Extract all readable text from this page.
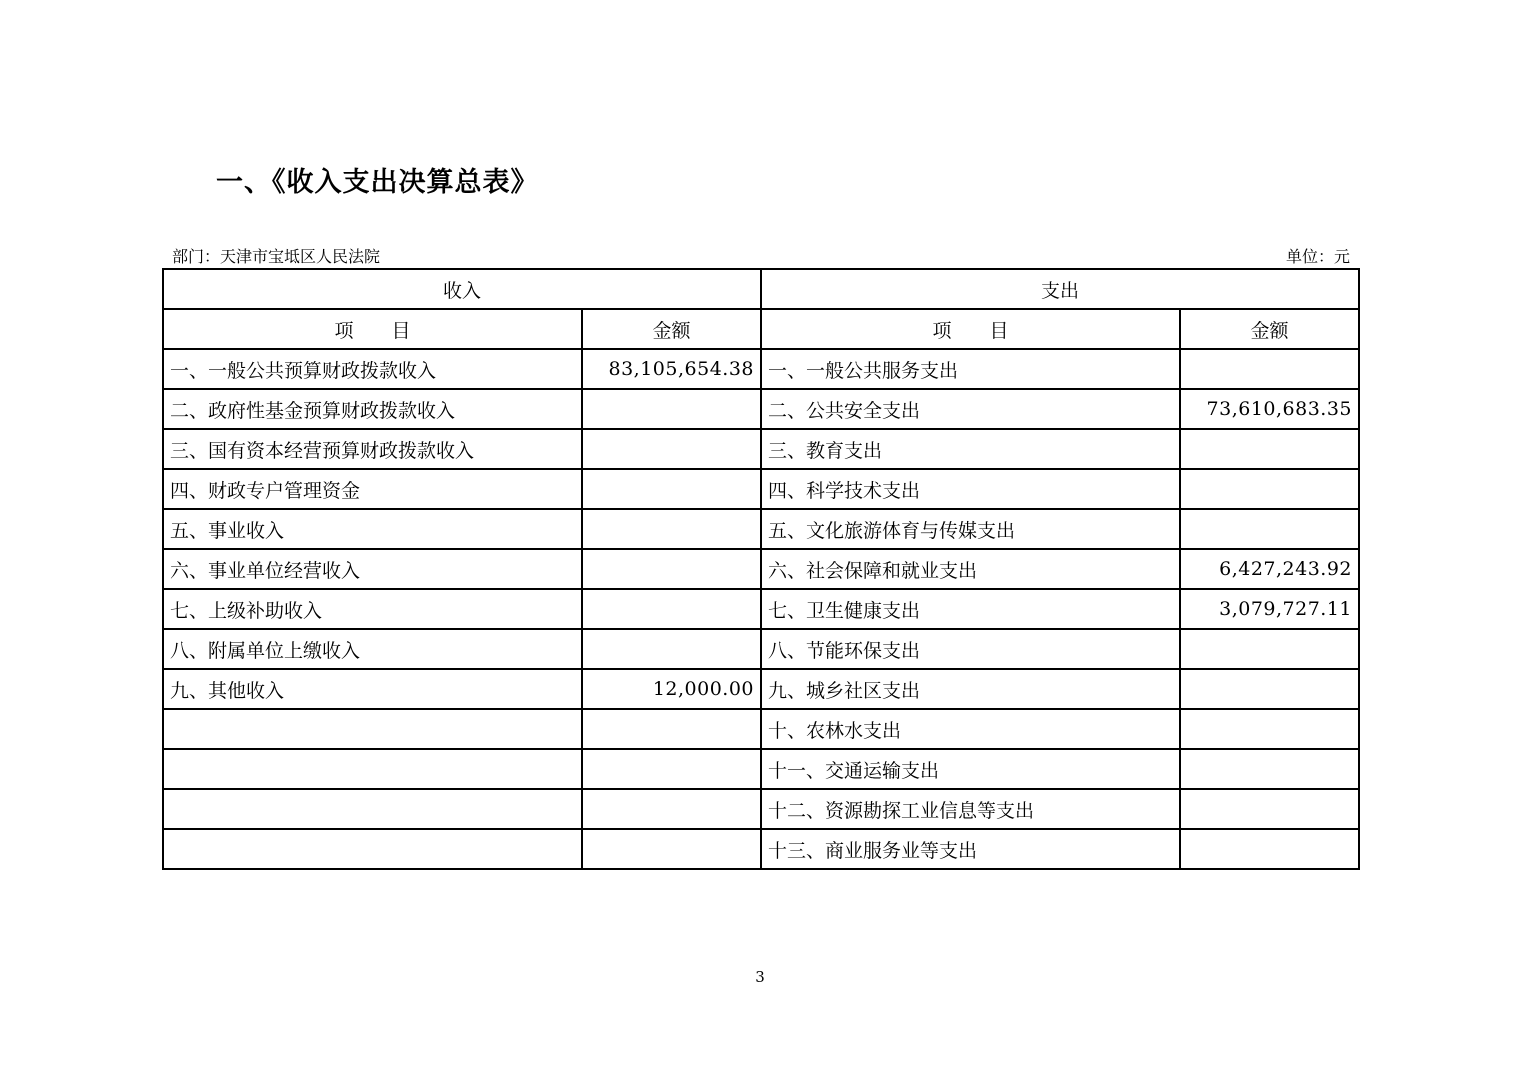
一、《收入支出决算总表》
部门：天津市宝坻区人民法院	单位：元
收入		支出	
项　　目	金额	项　　目	金额
一、一般公共预算财政拨款收入	83,105,654.38	一、一般公共服务支出	
二、政府性基金预算财政拨款收入		二、公共安全支出	73,610,683.35
三、国有资本经营预算财政拨款收入		三、教育支出	
四、财政专户管理资金		四、科学技术支出	
五、事业收入		五、文化旅游体育与传媒支出	
六、事业单位经营收入		六、社会保障和就业支出	6,427,243.92
七、上级补助收入		七、卫生健康支出	3,079,727.11
八、附属单位上缴收入		八、节能环保支出	
九、其他收入	12,000.00	九、城乡社区支出	
		十、农林水支出	
		十一、交通运输支出	
		十二、资源勘探工业信息等支出	
		十三、商业服务业等支出	
3
